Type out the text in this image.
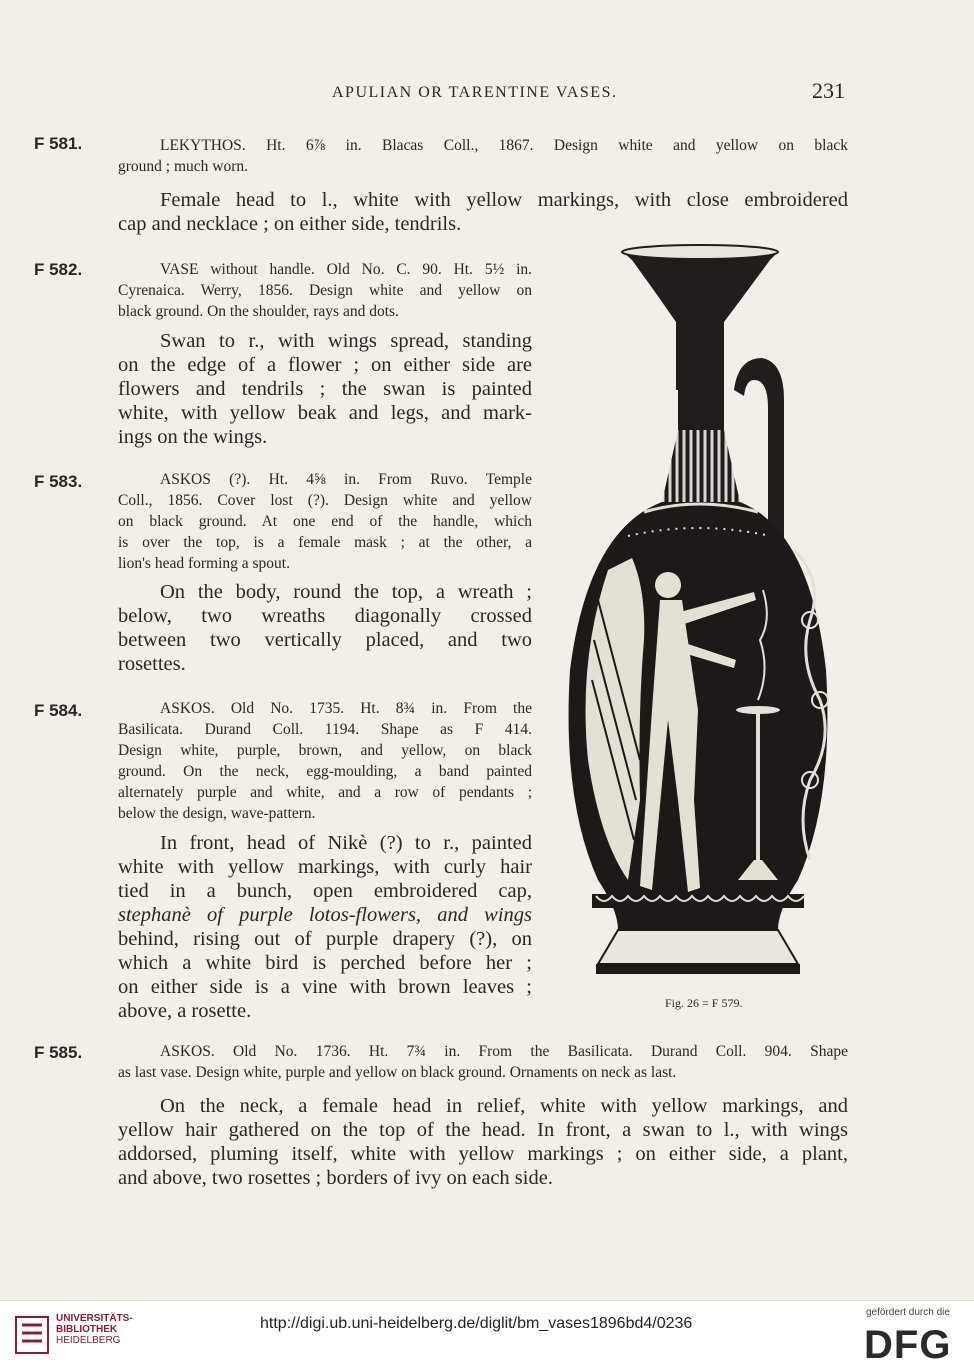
APULIAN OR TARENTINE VASES.	231
F 581.	LEKYTHOS. Ht. 6⅞ in. Blacas Coll., 1867. Design white and yellow on black
ground ; much worn.
Female head to l., white with yellow markings, with close embroidered
cap and necklace ; on either side, tendrils.
F 582.	VASE without handle. Old No. C. 90. Ht. 5½ in.
Cyrenaica. Werry, 1856. Design white and yellow on
black ground. On the shoulder, rays and dots.
Swan to r., with wings spread, standing
on the edge of a flower ; on either side are
flowers and tendrils ; the swan is painted
white, with yellow beak and legs, and mark-
ings on the wings.
F 583.	ASKOS (?). Ht. 4⅝ in. From Ruvo. Temple
Coll., 1856. Cover lost (?). Design white and yellow
on black ground. At one end of the handle, which
is over the top, is a female mask ; at the other, a
lion's head forming a spout.
On the body, round the top, a wreath ;
below, two wreaths diagonally crossed
between two vertically placed, and two
rosettes.
F 584.	ASKOS. Old No. 1735. Ht. 8¾ in. From the
Basilicata. Durand Coll. 1194. Shape as F 414.
Design white, purple, brown, and yellow, on black
ground. On the neck, egg-moulding, a band painted
alternately purple and white, and a row of pendants ;
below the design, wave-pattern.
In front, head of Nikè (?) to r., painted
white with yellow markings, with curly hair
tied in a bunch, open embroidered cap,
stephanè of purple lotos-flowers, and wings
behind, rising out of purple drapery (?), on
which a white bird is perched before her ;
on either side is a vine with brown leaves ;
above, a rosette.	Fig. 26 = F 579.
F 585.	ASKOS. Old No. 1736. Ht. 7¾ in. From the Basilicata. Durand Coll. 904. Shape
as last vase. Design white, purple and yellow on black ground. Ornaments on neck as last.
On the neck, a female head in relief, white with yellow markings, and
yellow hair gathered on the top of the head. In front, a swan to l., with wings
addorsed, pluming itself, white with yellow markings ; on either side, a plant,
and above, two rosettes ; borders of ivy on each side.
UNIVERSITÄTS-
BIBLIOTHEK
HEIDELBERG
http://digi.ub.uni-heidelberg.de/diglit/bm_vases1896bd4/0236
gefördert durch die
DFG
